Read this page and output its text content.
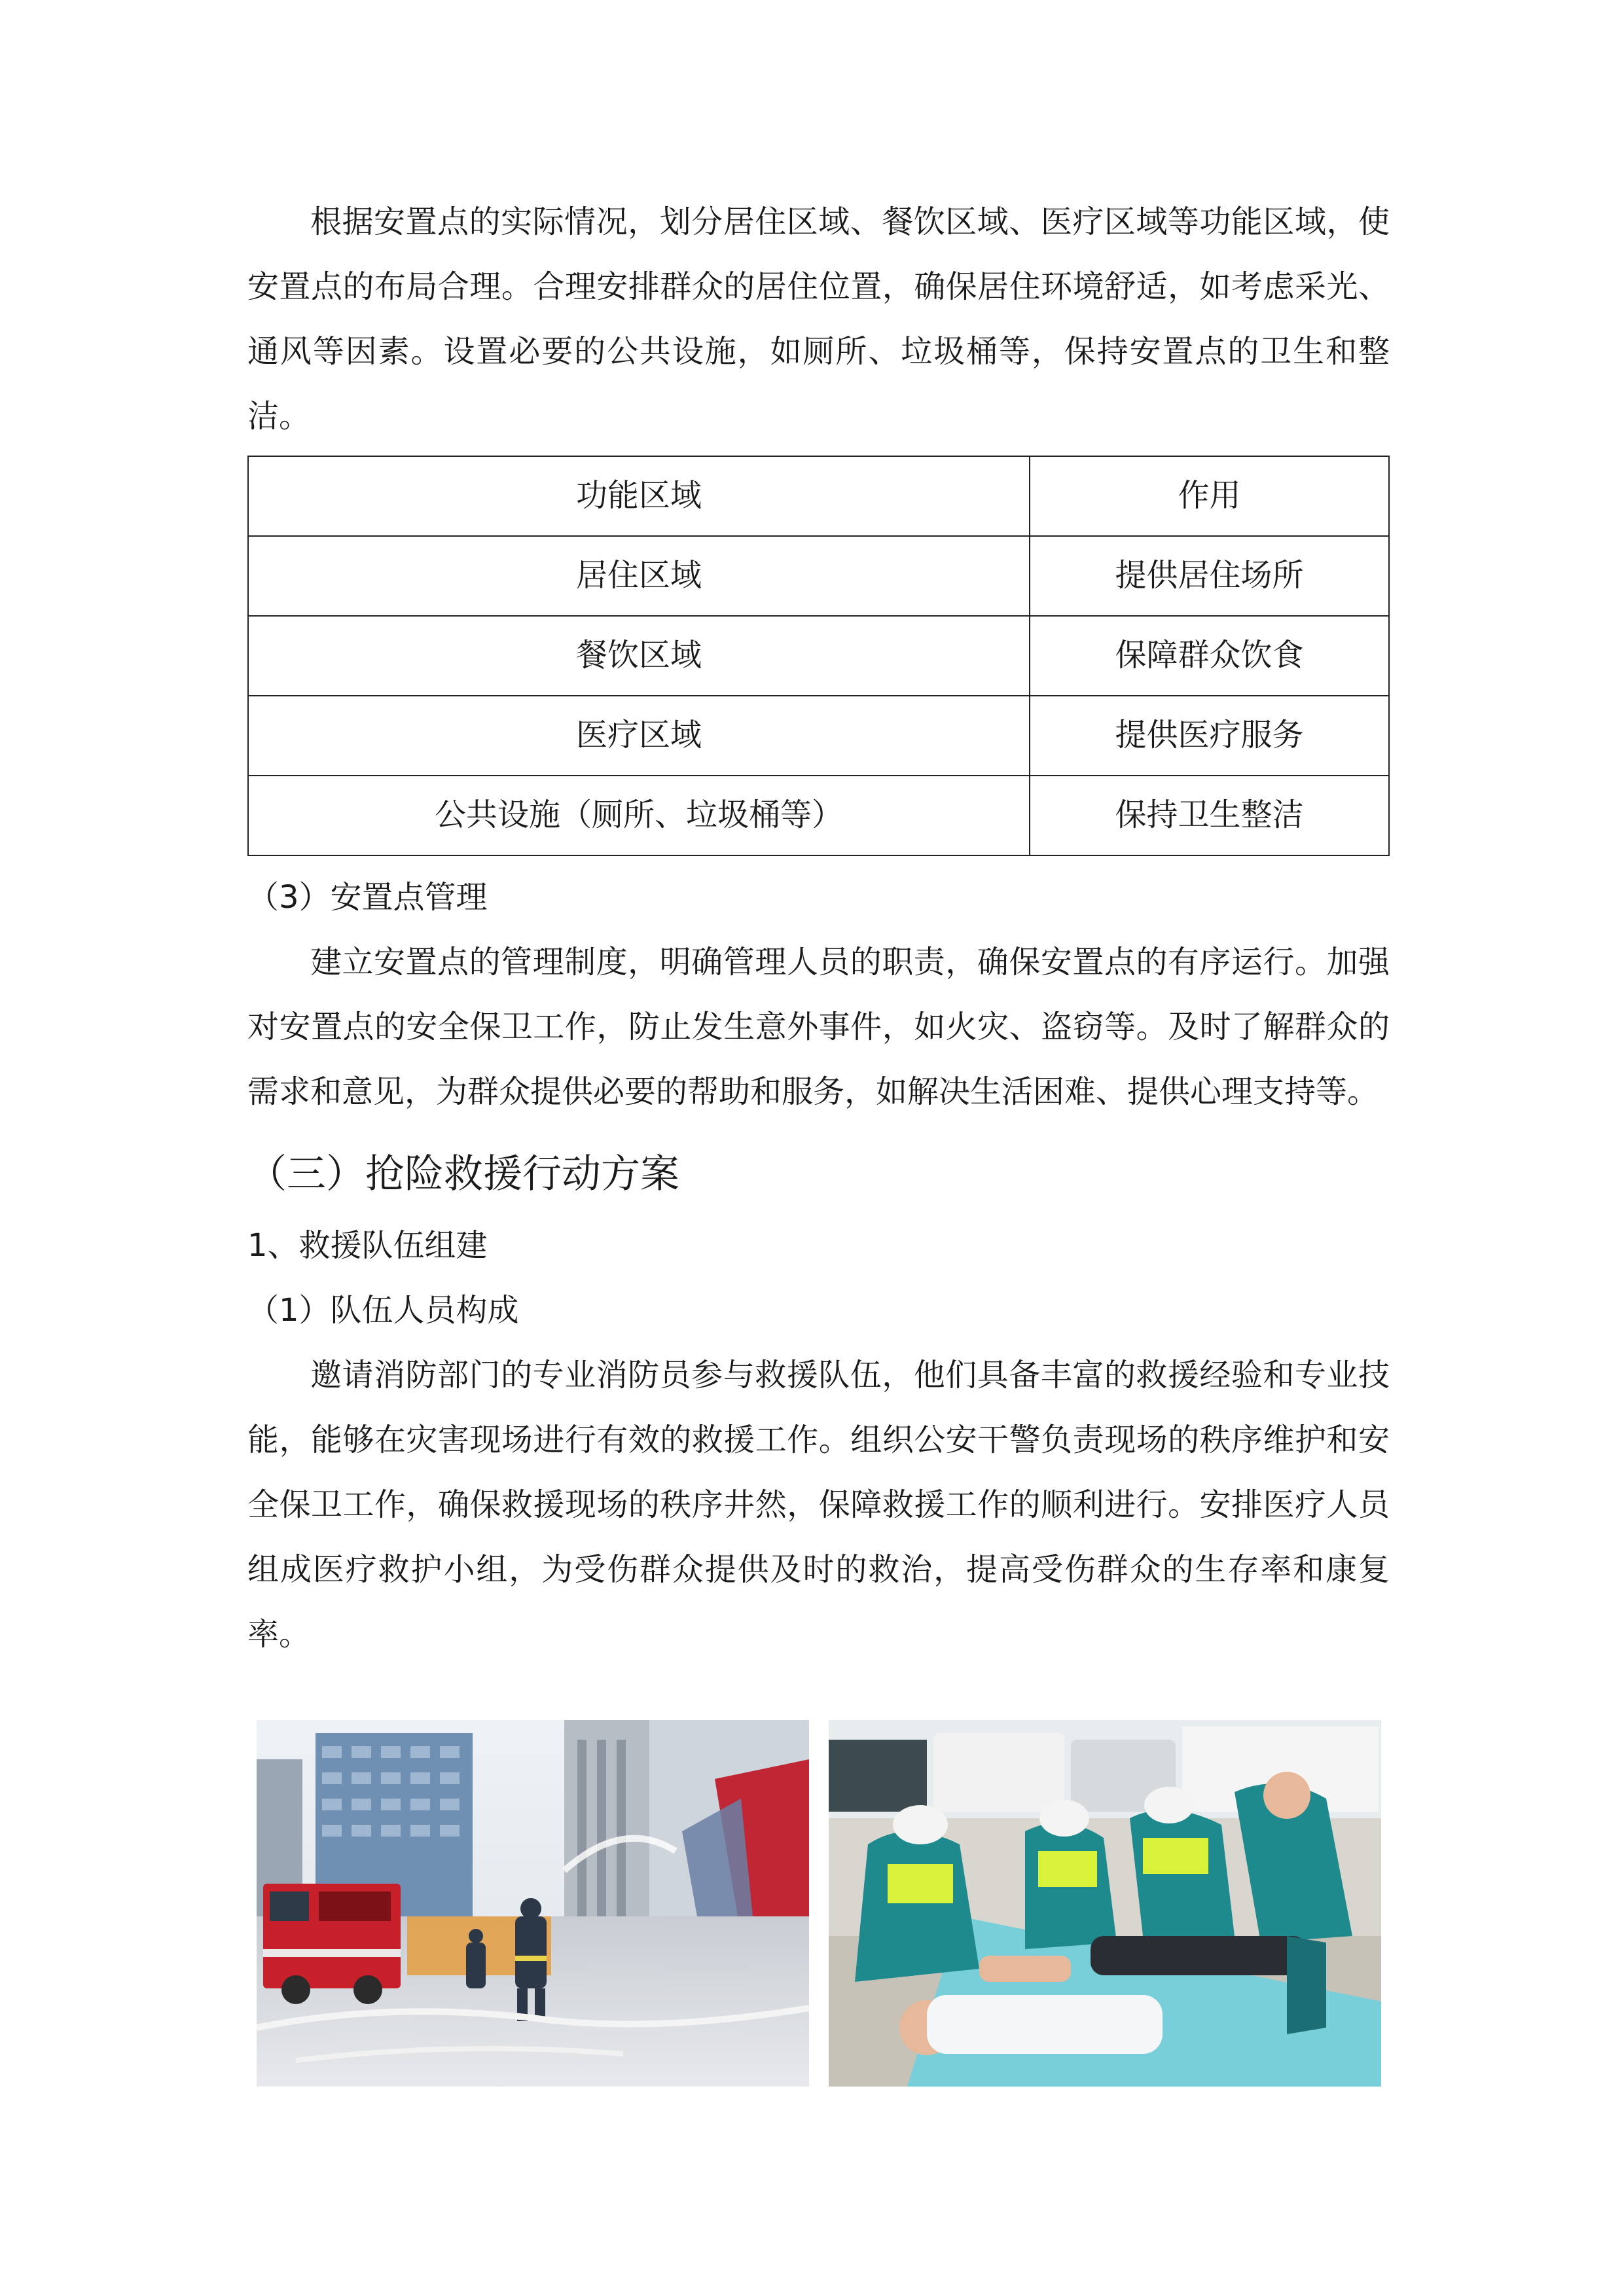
根据安置点的实际情况，划分居住区域、餐饮区域、医疗区域等功能区域，使安置点的布局合理。合理安排群众的居住位置，确保居住环境舒适，如考虑采光、通风等因素。设置必要的公共设施，如厕所、垃圾桶等，保持安置点的卫生和整洁。

功能区域	作用
居住区域	提供居住场所
餐饮区域	保障群众饮食
医疗区域	提供医疗服务
公共设施（厕所、垃圾桶等）	保持卫生整洁

（3）安置点管理

建立安置点的管理制度，明确管理人员的职责，确保安置点的有序运行。加强对安置点的安全保卫工作，防止发生意外事件，如火灾、盗窃等。及时了解群众的需求和意见，为群众提供必要的帮助和服务，如解决生活困难、提供心理支持等。

（三）抢险救援行动方案

1、救援队伍组建

（1）队伍人员构成

邀请消防部门的专业消防员参与救援队伍，他们具备丰富的救援经验和专业技能，能够在灾害现场进行有效的救援工作。组织公安干警负责现场的秩序维护和安全保卫工作，确保救援现场的秩序井然，保障救援工作的顺利进行。安排医疗人员组成医疗救护小组，为受伤群众提供及时的救治，提高受伤群众的生存率和康复率。
